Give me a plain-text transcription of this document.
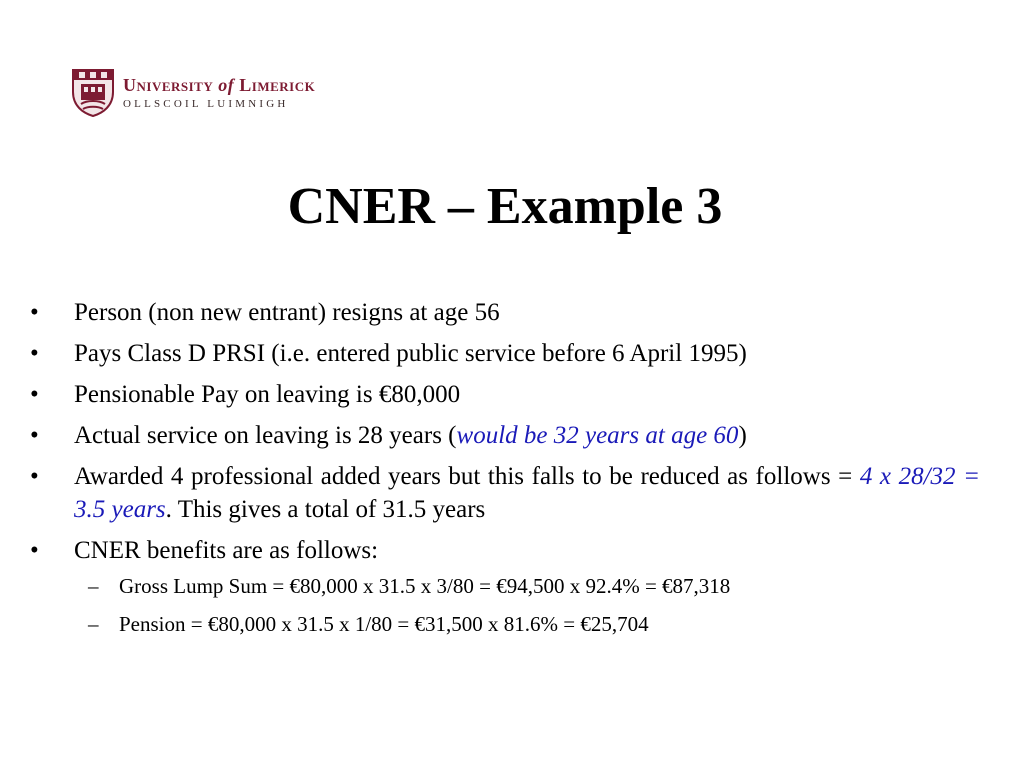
University of Limerick
OLLSCOIL LUIMNIGH
CNER – Example 3
•	Person (non new entrant) resigns at age 56
•	Pays Class D PRSI (i.e. entered public service before 6 April 1995)
•	Pensionable Pay on leaving is €80,000
•	Actual service on leaving is 28 years (would be 32 years at age 60)
•	Awarded 4 professional added years but this falls to be reduced as follows = 4 x 28/32 = 3.5 years. This gives a total of 31.5 years
•	CNER benefits are as follows:
– Gross Lump Sum = €80,000 x 31.5 x 3/80 = €94,500 x 92.4% = €87,318
– Pension = €80,000 x 31.5 x 1/80 = €31,500 x 81.6% = €25,704
